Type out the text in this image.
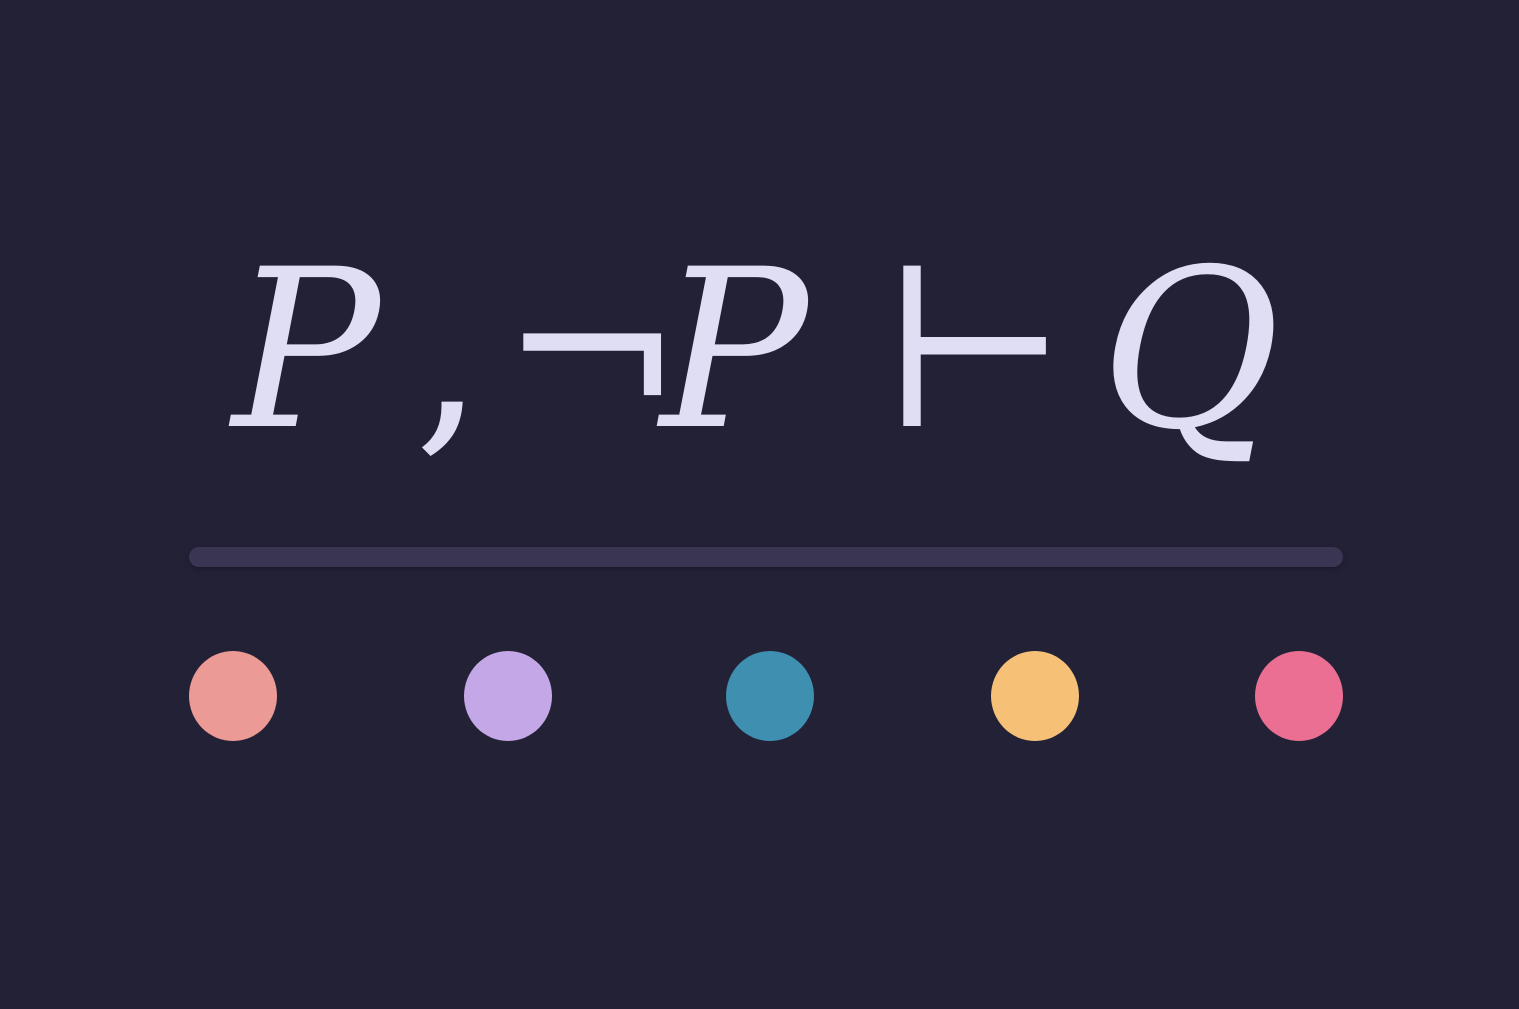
P , ¬
P ⊢ Q
